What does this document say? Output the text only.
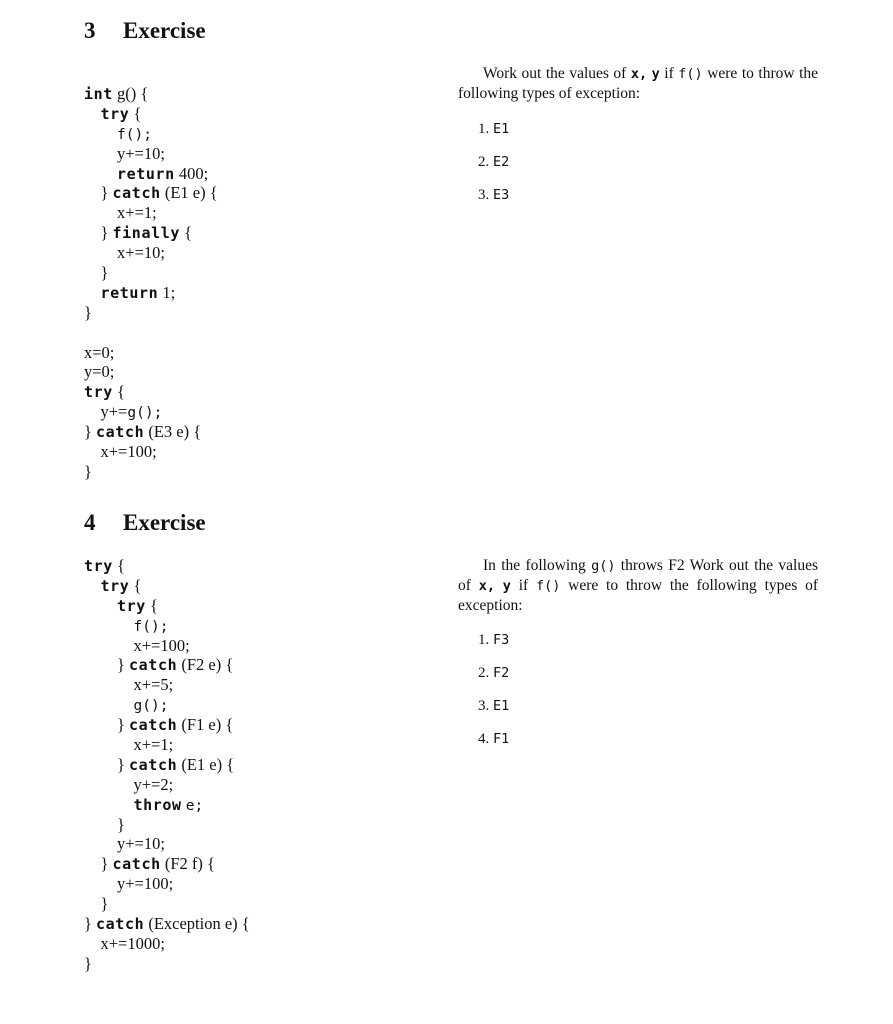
3 Exercise
int g() {
try {
f();
y+=10;
return 400;
} catch (E1 e) {
x+=1;
} finally {
x+=10;
}
return 1;
}
x=0;
y=0;
try {
y+=g();
} catch (E3 e) {
x+=100;
}
Work out the values of x, y if f() were to throw the following types of exception:
1. E1
2. E2
3. E3
4 Exercise
try {
try {
try {
f();
x+=100;
} catch (F2 e) {
x+=5;
g();
} catch (F1 e) {
x+=1;
} catch (E1 e) {
y+=2;
throw e;
}
y+=10;
} catch (F2 f) {
y+=100;
}
} catch (Exception e) {
x+=1000;
}
In the following g() throws F2 Work out the values of x, y if f() were to throw the following types of exception:
1. F3
2. F2
3. E1
4. F1
